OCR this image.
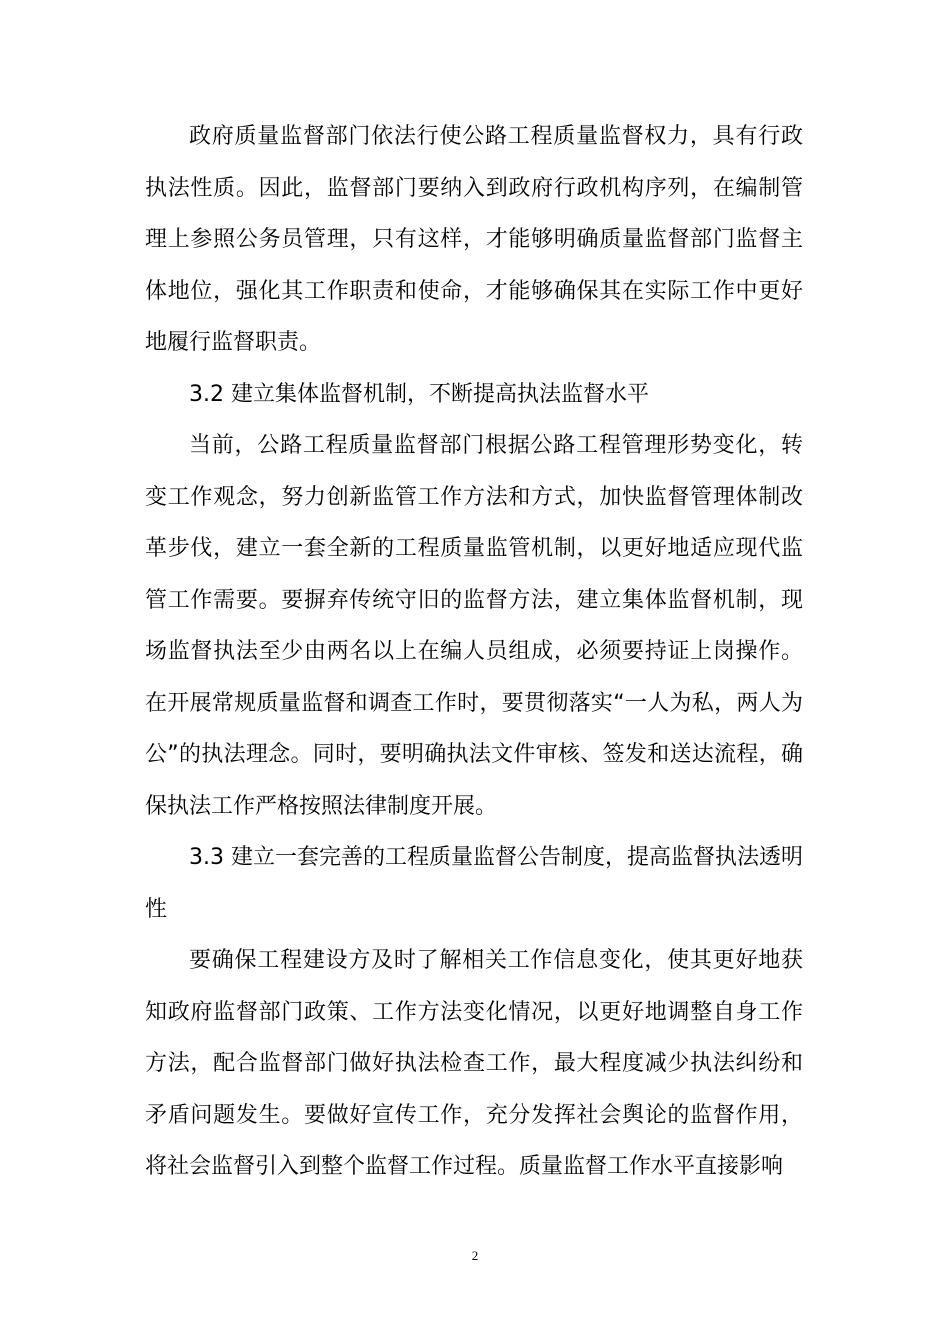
政府质量监督部门依法行使公路工程质量监督权力，具有行政执法性质。因此，监督部门要纳入到政府行政机构序列，在编制管理上参照公务员管理，只有这样，才能够明确质量监督部门监督主体地位，强化其工作职责和使命，才能够确保其在实际工作中更好地履行监督职责。

3.2 建立集体监督机制，不断提高执法监督水平

当前，公路工程质量监督部门根据公路工程管理形势变化，转变工作观念，努力创新监管工作方法和方式，加快监督管理体制改革步伐，建立一套全新的工程质量监管机制，以更好地适应现代监管工作需要。要摒弃传统守旧的监督方法，建立集体监督机制，现场监督执法至少由两名以上在编人员组成，必须要持证上岗操作。在开展常规质量监督和调查工作时，要贯彻落实“一人为私，两人为公”的执法理念。同时，要明确执法文件审核、签发和送达流程，确保执法工作严格按照法律制度开展。

3.3 建立一套完善的工程质量监督公告制度，提高监督执法透明性

要确保工程建设方及时了解相关工作信息变化，使其更好地获知政府监督部门政策、工作方法变化情况，以更好地调整自身工作方法，配合监督部门做好执法检查工作，最大程度减少执法纠纷和矛盾问题发生。要做好宣传工作，充分发挥社会舆论的监督作用，将社会监督引入到整个监督工作过程。质量监督工作水平直接影响

2
